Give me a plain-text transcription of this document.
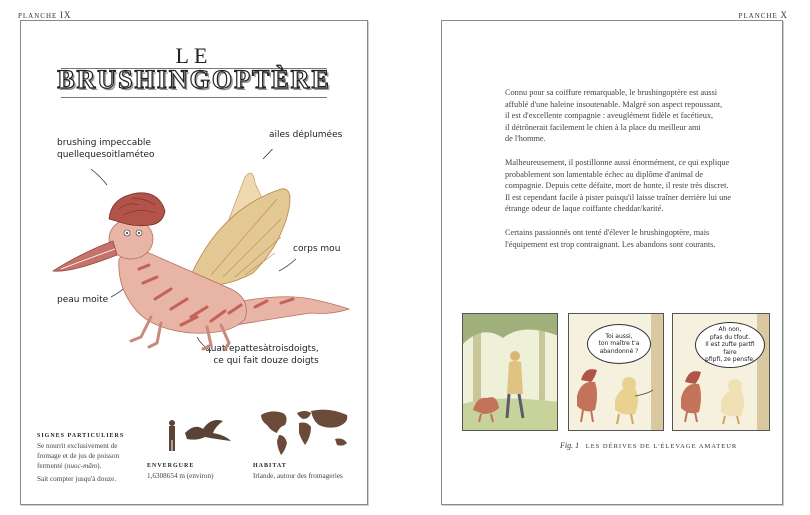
PLANCHE IX	PLANCHE X
LE
BRUSHINGOPTÈRE
brushing impeccable
quellequesoitlaméteo
ailes déplumées
corps mou
peau moite
quatrepattesàtroisdoigts,
ce qui fait douze doigts
SIGNES PARTICULIERS
Se nourrit exclusivement de
fromage et de jus de poisson
fermenté (nuoc-mâm).
Sait compter jusqu'à douze.
ENVERGURE
1,6308654 m (environ)
HABITAT
Irlande, autour des fromageries
Connu pour sa coiffure remarquable, le brushingoptère est aussi
affublé d'une haleine insoutenable. Malgré son aspect repoussant,
il est d'excellente compagnie : aveuglément fidèle et facétieux,
il détrônerait facilement le chien à la place du meilleur ami
de l'homme.
Malheureusement, il postillonne aussi énormément, ce qui explique
probablement son lamentable échec au diplôme d'animal de
compagnie. Depuis cette défaite, mort de honte, il reste très discret.
Il est cependant facile à pister puisqu'il laisse traîner derrière lui une
étrange odeur de laque coiffante cheddar/karité.
Certains passionnés ont tenté d'élever le brushingoptère, mais
l'équipement est trop contraignant. Les abandons sont courants.
Toi aussi,
ton maître t'a
abandonné ?
Ah non,
pfas du tfout.
Il est zufte partfi faire
pfipfi, ze pensfe.
Fig. 1 LES DÉRIVES DE L'ÉLEVAGE AMATEUR
